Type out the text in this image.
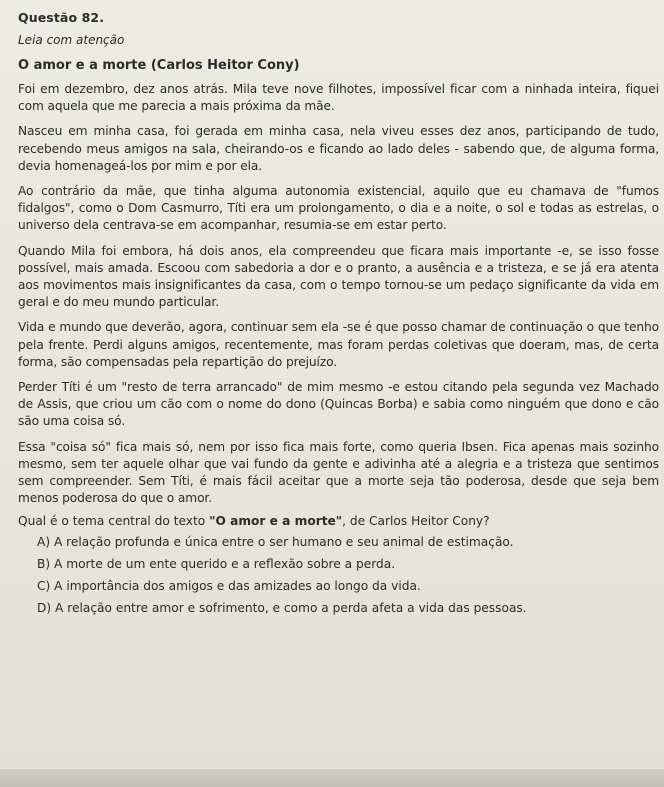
Questão 82.
Leia com atenção
O amor e a morte (Carlos Heitor Cony)
Foi em dezembro, dez anos atrás. Mila teve nove filhotes, impossível ficar com a ninhada inteira, fiquei com aquela que me parecia a mais próxima da mãe.
Nasceu em minha casa, foi gerada em minha casa, nela viveu esses dez anos, participando de tudo, recebendo meus amigos na sala, cheirando-os e ficando ao lado deles - sabendo que, de alguma forma, devia homenageá-los por mim e por ela.
Ao contrário da mãe, que tinha alguma autonomia existencial, aquilo que eu chamava de "fumos fidalgos", como o Dom Casmurro, Títi era um prolongamento, o dia e a noite, o sol e todas as estrelas, o universo dela centrava-se em acompanhar, resumia-se em estar perto.
Quando Mila foi embora, há dois anos, ela compreendeu que ficara mais importante -e, se isso fosse possível, mais amada. Escoou com sabedoria a dor e o pranto, a ausência e a tristeza, e se já era atenta aos movimentos mais insignificantes da casa, com o tempo tornou-se um pedaço significante da vida em geral e do meu mundo particular.
Vida e mundo que deverão, agora, continuar sem ela -se é que posso chamar de continuação o que tenho pela frente. Perdi alguns amigos, recentemente, mas foram perdas coletivas que doeram, mas, de certa forma, são compensadas pela repartição do prejuízo.
Perder Títi é um "resto de terra arrancado" de mim mesmo -e estou citando pela segunda vez Machado de Assis, que criou um cão com o nome do dono (Quincas Borba) e sabia como ninguém que dono e cão são uma coisa só.
Essa "coisa só" fica mais só, nem por isso fica mais forte, como queria Ibsen. Fica apenas mais sozinho mesmo, sem ter aquele olhar que vai fundo da gente e adivinha até a alegria e a tristeza que sentimos sem compreender. Sem Títi, é mais fácil aceitar que a morte seja tão poderosa, desde que seja bem menos poderosa do que o amor.
Qual é o tema central do texto "O amor e a morte", de Carlos Heitor Cony?
A) A relação profunda e única entre o ser humano e seu animal de estimação.
B) A morte de um ente querido e a reflexão sobre a perda.
C) A importância dos amigos e das amizades ao longo da vida.
D) A relação entre amor e sofrimento, e como a perda afeta a vida das pessoas.
